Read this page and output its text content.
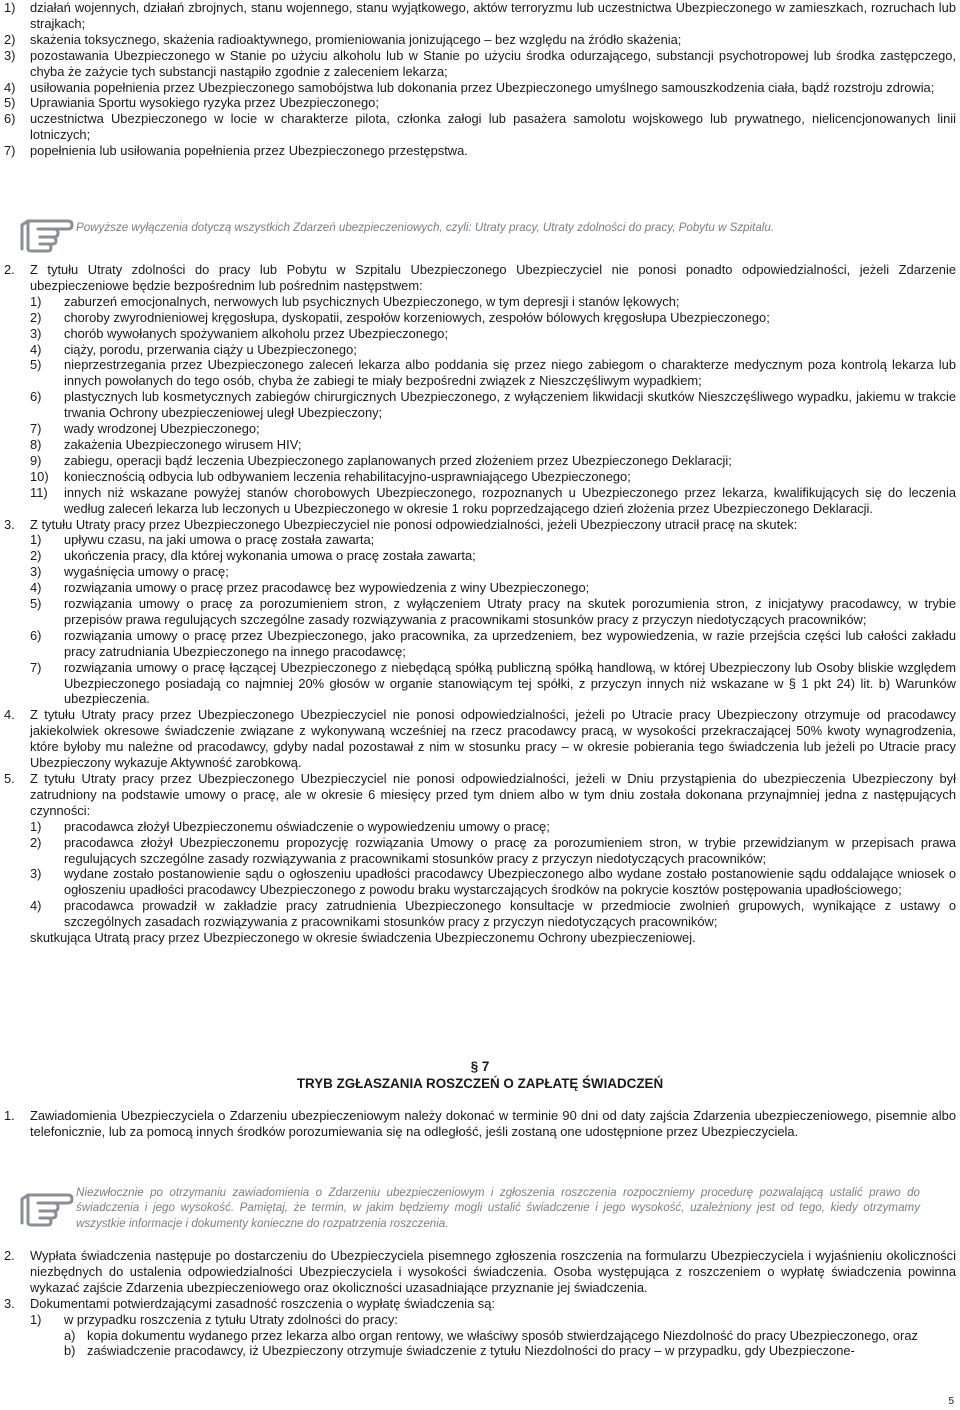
1)	działań wojennych, działań zbrojnych, stanu wojennego, stanu wyjątkowego, aktów terroryzmu lub uczestnictwa Ubezpieczonego w zamieszkach, rozruchach lub strajkach;
2)	skażenia toksycznego, skażenia radioaktywnego, promieniowania jonizującego – bez względu na źródło skażenia;
3)	pozostawania Ubezpieczonego w Stanie po użyciu alkoholu lub w Stanie po użyciu środka odurzającego, substancji psychotropowej lub środka zastępczego, chyba że zażycie tych substancji nastąpiło zgodnie z zaleceniem lekarza;
4)	usiłowania popełnienia przez Ubezpieczonego samobójstwa lub dokonania przez Ubezpieczonego umyślnego samouszkodzenia ciała, bądź rozstroju zdrowia;
5)	Uprawiania Sportu wysokiego ryzyka przez Ubezpieczonego;
6)	uczestnictwa Ubezpieczonego w locie w charakterze pilota, członka załogi lub pasażera samolotu wojskowego lub prywatnego, nielicencjonowanych linii lotniczych;
7)	popełnienia lub usiłowania popełnienia przez Ubezpieczonego przestępstwa.
Powyższe wyłączenia dotyczą wszystkich Zdarzeń ubezpieczeniowych, czyli: Utraty pracy, Utraty zdolności do pracy, Pobytu w Szpitalu.
2.	Z tytułu Utraty zdolności do pracy lub Pobytu w Szpitalu Ubezpieczonego Ubezpieczyciel nie ponosi ponadto odpowiedzialności, jeżeli Zdarzenie ubezpieczeniowe będzie bezpośrednim lub pośrednim następstwem:
1)	zaburzeń emocjonalnych, nerwowych lub psychicznych Ubezpieczonego, w tym depresji i stanów lękowych;
2)	choroby zwyrodnieniowej kręgosłupa, dyskopatii, zespołów korzeniowych, zespołów bólowych kręgosłupa Ubezpieczonego;
3)	chorób wywołanych spożywaniem alkoholu przez Ubezpieczonego;
4)	ciąży, porodu, przerwania ciąży u Ubezpieczonego;
5)	nieprzestrzegania przez Ubezpieczonego zaleceń lekarza albo poddania się przez niego zabiegom o charakterze medycznym poza kontrolą lekarza lub innych powołanych do tego osób, chyba że zabiegi te miały bezpośredni związek z Nieszczęśliwym wypadkiem;
6)	plastycznych lub kosmetycznych zabiegów chirurgicznych Ubezpieczonego, z wyłączeniem likwidacji skutków Nieszczęśliwego wypadku, jakiemu w trakcie trwania Ochrony ubezpieczeniowej uległ Ubezpieczony;
7)	wady wrodzonej Ubezpieczonego;
8)	zakażenia Ubezpieczonego wirusem HIV;
9)	zabiegu, operacji bądź leczenia Ubezpieczonego zaplanowanych przed złożeniem przez Ubezpieczonego Deklaracji;
10)	koniecznością odbycia lub odbywaniem leczenia rehabilitacyjno-usprawniającego Ubezpieczonego;
11)	innych niż wskazane powyżej stanów chorobowych Ubezpieczonego, rozpoznanych u Ubezpieczonego przez lekarza, kwalifikujących się do leczenia według zaleceń lekarza lub leczonych u Ubezpieczonego w okresie 1 roku poprzedzającego dzień złożenia przez Ubezpieczonego Deklaracji.
3.	Z tytułu Utraty pracy przez Ubezpieczonego Ubezpieczyciel nie ponosi odpowiedzialności, jeżeli Ubezpieczony utracił pracę na skutek:
1)	upływu czasu, na jaki umowa o pracę została zawarta;
2)	ukończenia pracy, dla której wykonania umowa o pracę została zawarta;
3)	wygaśnięcia umowy o pracę;
4)	rozwiązania umowy o pracę przez pracodawcę bez wypowiedzenia z winy Ubezpieczonego;
5)	rozwiązania umowy o pracę za porozumieniem stron, z wyłączeniem Utraty pracy na skutek porozumienia stron, z inicjatywy pracodawcy, w trybie przepisów prawa regulujących szczególne zasady rozwiązywania z pracownikami stosunków pracy z przyczyn niedotyczących pracowników;
6)	rozwiązania umowy o pracę przez Ubezpieczonego, jako pracownika, za uprzedzeniem, bez wypowiedzenia, w razie przejścia części lub całości zakładu pracy zatrudniania Ubezpieczonego na innego pracodawcę;
7)	rozwiązania umowy o pracę łączącej Ubezpieczonego z niebędącą spółką publiczną spółką handlową, w której Ubezpieczony lub Osoby bliskie względem Ubezpieczonego posiadają co najmniej 20% głosów w organie stanowiącym tej spółki, z przyczyn innych niż wskazane w § 1 pkt 24) lit. b) Warunków ubezpieczenia.
4.	Z tytułu Utraty pracy przez Ubezpieczonego Ubezpieczyciel nie ponosi odpowiedzialności, jeżeli po Utracie pracy Ubezpieczony otrzymuje od pracodawcy jakiekolwiek okresowe świadczenie związane z wykonywaną wcześniej na rzecz pracodawcy pracą, w wysokości przekraczającej 50% kwoty wynagrodzenia, które byłoby mu należne od pracodawcy, gdyby nadal pozostawał z nim w stosunku pracy – w okresie pobierania tego świadczenia lub jeżeli po Utracie pracy Ubezpieczony wykazuje Aktywność zarobkową.
5.	Z tytułu Utraty pracy przez Ubezpieczonego Ubezpieczyciel nie ponosi odpowiedzialności, jeżeli w Dniu przystąpienia do ubezpieczenia Ubezpieczony był zatrudniony na podstawie umowy o pracę, ale w okresie 6 miesięcy przed tym dniem albo w tym dniu została dokonana przynajmniej jedna z następujących czynności:
1)	pracodawca złożył Ubezpieczonemu oświadczenie o wypowiedzeniu umowy o pracę;
2)	pracodawca złożył Ubezpieczonemu propozycję rozwiązania Umowy o pracę za porozumieniem stron, w trybie przewidzianym w przepisach prawa regulujących szczególne zasady rozwiązywania z pracownikami stosunków pracy z przyczyn niedotyczących pracowników;
3)	wydane zostało postanowienie sądu o ogłoszeniu upadłości pracodawcy Ubezpieczonego albo wydane zostało postanowienie sądu oddalające wniosek o ogłoszeniu upadłości pracodawcy Ubezpieczonego z powodu braku wystarczających środków na pokrycie kosztów postępowania upadłościowego;
4)	pracodawca prowadził w zakładzie pracy zatrudnienia Ubezpieczonego konsultacje w przedmiocie zwolnień grupowych, wynikające z ustawy o szczególnych zasadach rozwiązywania z pracownikami stosunków pracy z przyczyn niedotyczących pracowników;
skutkująca Utratą pracy przez Ubezpieczonego w okresie świadczenia Ubezpieczonemu Ochrony ubezpieczeniowej.
§ 7
TRYB ZGŁASZANIA ROSZCZEŃ O ZAPŁATĘ ŚWIADCZEŃ
1.	Zawiadomienia Ubezpieczyciela o Zdarzeniu ubezpieczeniowym należy dokonać w terminie 90 dni od daty zajścia Zdarzenia ubezpieczeniowego, pisemnie albo telefonicznie, lub za pomocą innych środków porozumiewania się na odległość, jeśli zostaną one udostępnione przez Ubezpieczyciela.
Niezwłocznie po otrzymaniu zawiadomienia o Zdarzeniu ubezpieczeniowym i zgłoszenia roszczenia rozpoczniemy procedurę pozwalającą ustalić prawo do świadczenia i jego wysokość. Pamiętaj, że termin, w jakim będziemy mogli ustalić świadczenie i jego wysokość, uzależniony jest od tego, kiedy otrzymamy wszystkie informacje i dokumenty konieczne do rozpatrzenia roszczenia.
2.	Wypłata świadczenia następuje po dostarczeniu do Ubezpieczyciela pisemnego zgłoszenia roszczenia na formularzu Ubezpieczyciela i wyjaśnieniu okoliczności niezbędnych do ustalenia odpowiedzialności Ubezpieczyciela i wysokości świadczenia. Osoba występująca z roszczeniem o wypłatę świadczenia powinna wykazać zajście Zdarzenia ubezpieczeniowego oraz okoliczności uzasadniające przyznanie jej świadczenia.
3.	Dokumentami potwierdzającymi zasadność roszczenia o wypłatę świadczenia są:
1)	w przypadku roszczenia z tytułu Utraty zdolności do pracy:
a) kopia dokumentu wydanego przez lekarza albo organ rentowy, we właściwy sposób stwierdzającego Niezdolność do pracy Ubezpieczonego, oraz
b) zaświadczenie pracodawcy, iż Ubezpieczony otrzymuje świadczenie z tytułu Niezdolności do pracy – w przypadku, gdy Ubezpieczone-
5
